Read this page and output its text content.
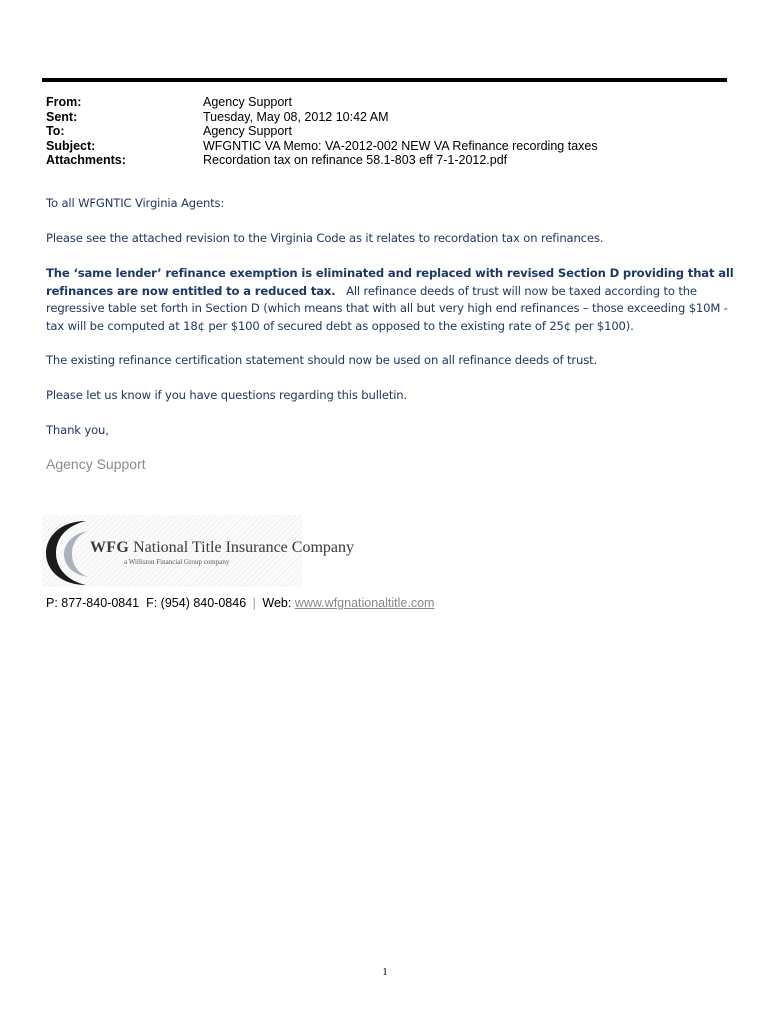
From:	Agency Support
Sent:	Tuesday, May 08, 2012 10:42 AM
To:	Agency Support
Subject:	WFGNTIC VA Memo: VA-2012-002 NEW VA Refinance recording taxes
Attachments:	Recordation tax on refinance 58.1-803 eff 7-1-2012.pdf
To all WFGNTIC Virginia Agents:
Please see the attached revision to the Virginia Code as it relates to recordation tax on refinances.
The ‘same lender’ refinance exemption is eliminated and replaced with revised Section D providing that all refinances are now entitled to a reduced tax. All refinance deeds of trust will now be taxed according to the regressive table set forth in Section D (which means that with all but very high end refinances – those exceeding $10M - tax will be computed at 18¢ per $100 of secured debt as opposed to the existing rate of 25¢ per $100).
The existing refinance certification statement should now be used on all refinance deeds of trust.
Please let us know if you have questions regarding this bulletin.
Thank you,
Agency Support
WFG National Title Insurance Company
a Williston Financial Group company
P: 877-840-0841 F: (954) 840-0846 | Web: www.wfgnationaltitle.com
1
